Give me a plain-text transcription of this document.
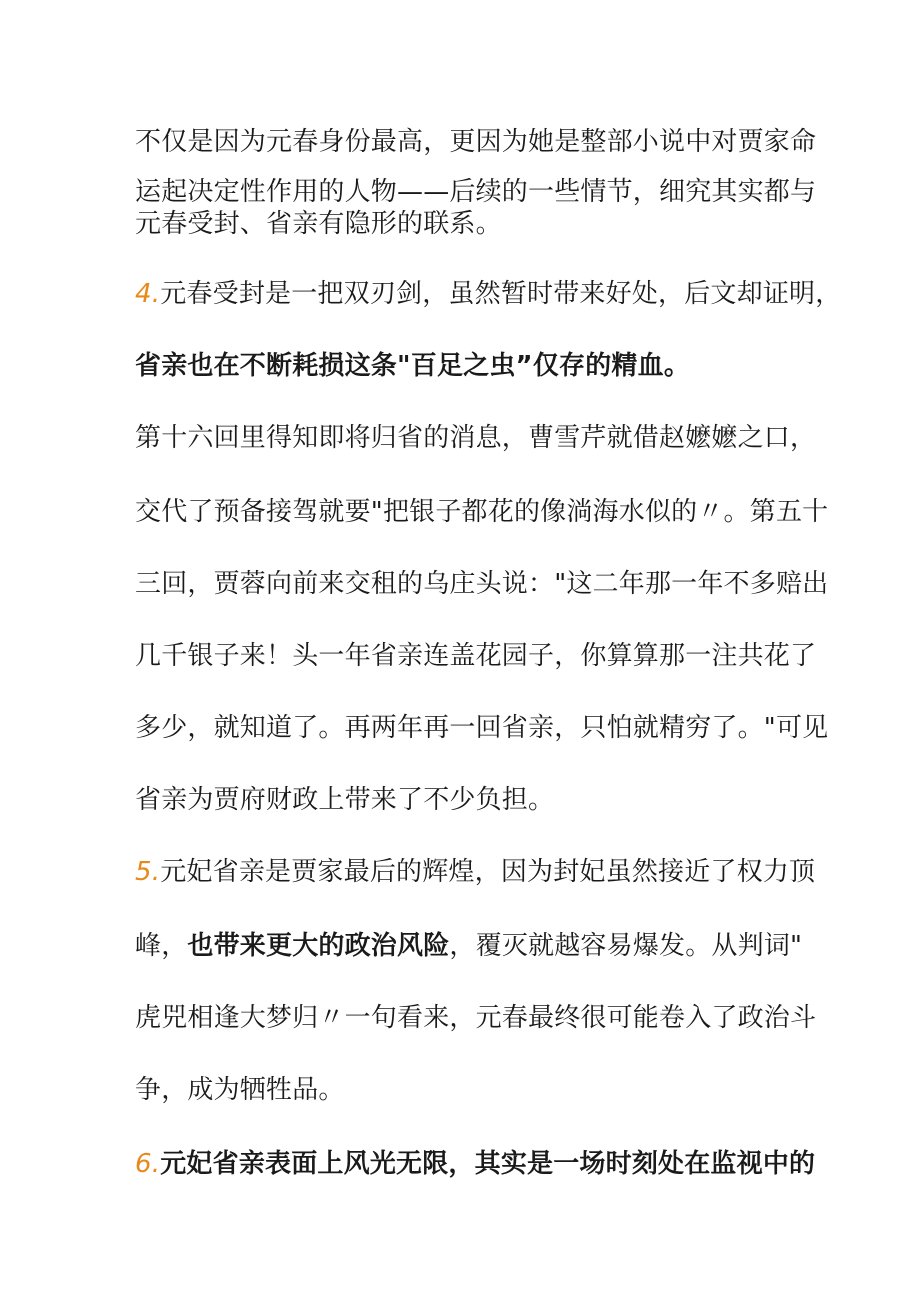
不仅是因为元春身份最高，更因为她是整部小说中对贾家命
运起决定性作用的人物——后续的一些情节，细究其实都与
元春受封、省亲有隐形的联系。
4.元春受封是一把双刃剑，虽然暂时带来好处，后文却证明，
省亲也在不断耗损这条"百足之虫”仅存的精血。
第十六回里得知即将归省的消息，曹雪芹就借赵嬷嬷之口，
交代了预备接驾就要"把银子都花的像淌海水似的〃。第五十
三回，贾蓉向前来交租的乌庄头说："这二年那一年不多赔出
几千银子来！头一年省亲连盖花园子，你算算那一注共花了
多少，就知道了。再两年再一回省亲，只怕就精穷了。"可见
省亲为贾府财政上带来了不少负担。
5.元妃省亲是贾家最后的辉煌，因为封妃虽然接近了权力顶
峰，也带来更大的政治风险，覆灭就越容易爆发。从判词"
虎兕相逢大梦归〃一句看来，元春最终很可能卷入了政治斗
争，成为牺牲品。
6.元妃省亲表面上风光无限，其实是一场时刻处在监视中的
